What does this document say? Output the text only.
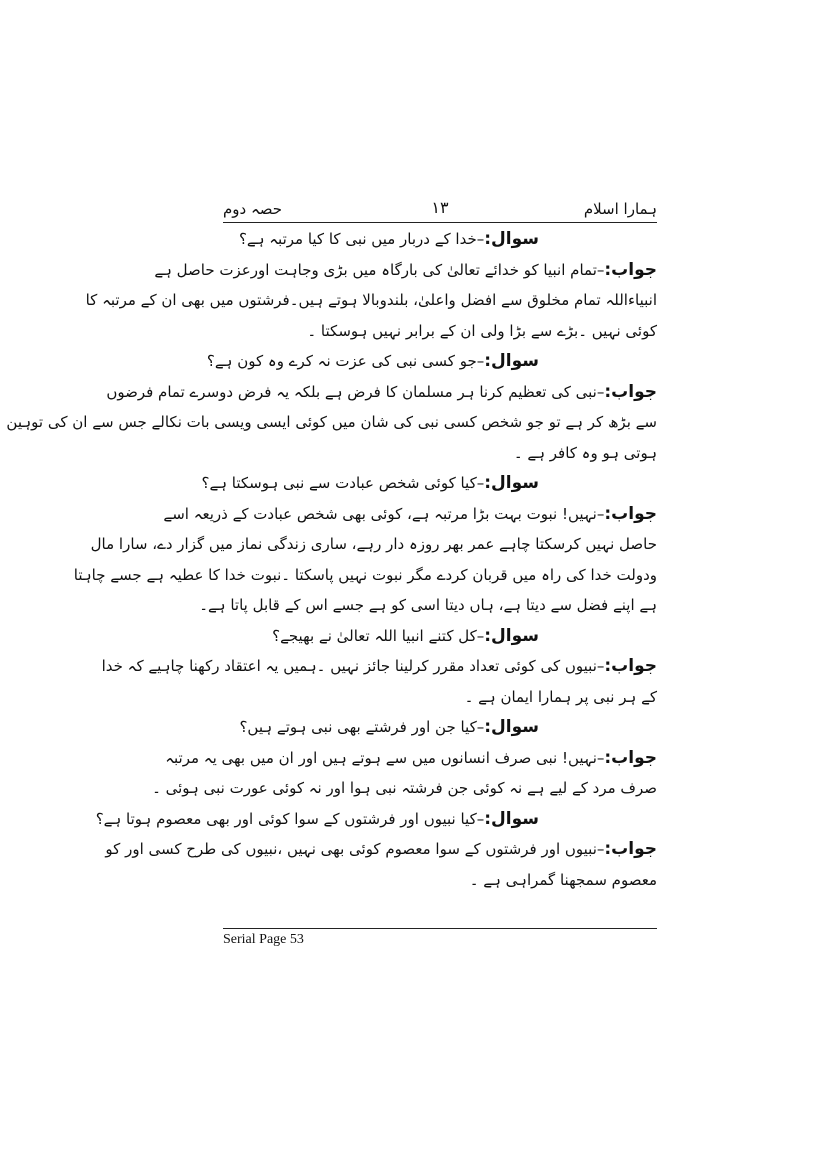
ہمارا اسلام
۱۳
حصہ دوم
سوال:–خدا کے دربار میں نبی کا کیا مرتبہ ہے؟
جواب:–تمام انبیا کو خدائے تعالیٰ کی بارگاہ میں بڑی وجاہت اورعزت حاصل ہے
انبیاءاللہ تمام مخلوق سے افضل واعلیٰ، بلندوبالا ہوتے ہیں۔فرشتوں میں بھی ان کے مرتبہ کا
کوئی نہیں ۔بڑے سے بڑا ولی ان کے برابر نہیں ہوسکتا ۔
سوال:–جو کسی نبی کی عزت نہ کرے وہ کون ہے؟
جواب:–نبی کی تعظیم کرنا ہر مسلمان کا فرض ہے بلکہ یہ فرض دوسرے تمام فرضوں
سے بڑھ کر ہے تو جو شخص کسی نبی کی شان میں کوئی ایسی ویسی بات نکالے جس سے ان کی توہین
ہوتی ہو وہ کافر ہے ۔
سوال:–کیا کوئی شخص عبادت سے نبی ہوسکتا ہے؟
جواب:–نہیں! نبوت بہت بڑا مرتبہ ہے، کوئی بھی شخص عبادت کے ذریعہ اسے
حاصل نہیں کرسکتا چاہے عمر بھر روزہ دار رہے، ساری زندگی نماز میں گزار دے، سارا مال
ودولت خدا کی راہ میں قربان کردے مگر نبوت نہیں پاسکتا ۔نبوت خدا کا عطیہ ہے جسے چاہتا
ہے اپنے فضل سے دیتا ہے، ہاں دیتا اسی کو ہے جسے اس کے قابل پاتا ہے۔
سوال:–کل کتنے انبیا اللہ تعالیٰ نے بھیجے؟
جواب:–نبیوں کی کوئی تعداد مقرر کرلینا جائز نہیں ۔ہمیں یہ اعتقاد رکھنا چاہیے کہ خدا
کے ہر نبی پر ہمارا ایمان ہے ۔
سوال:–کیا جن اور فرشتے بھی نبی ہوتے ہیں؟
جواب:–نہیں! نبی صرف انسانوں میں سے ہوتے ہیں اور ان میں بھی یہ مرتبہ
صرف مرد کے لیے ہے نہ کوئی جن فرشتہ نبی ہوا اور نہ کوئی عورت نبی ہوئی ۔
سوال:–کیا نبیوں اور فرشتوں کے سوا کوئی اور بھی معصوم ہوتا ہے؟
جواب:–نبیوں اور فرشتوں کے سوا معصوم کوئی بھی نہیں ،نبیوں کی طرح کسی اور کو
معصوم سمجھنا گمراہی ہے ۔
Serial Page 53
